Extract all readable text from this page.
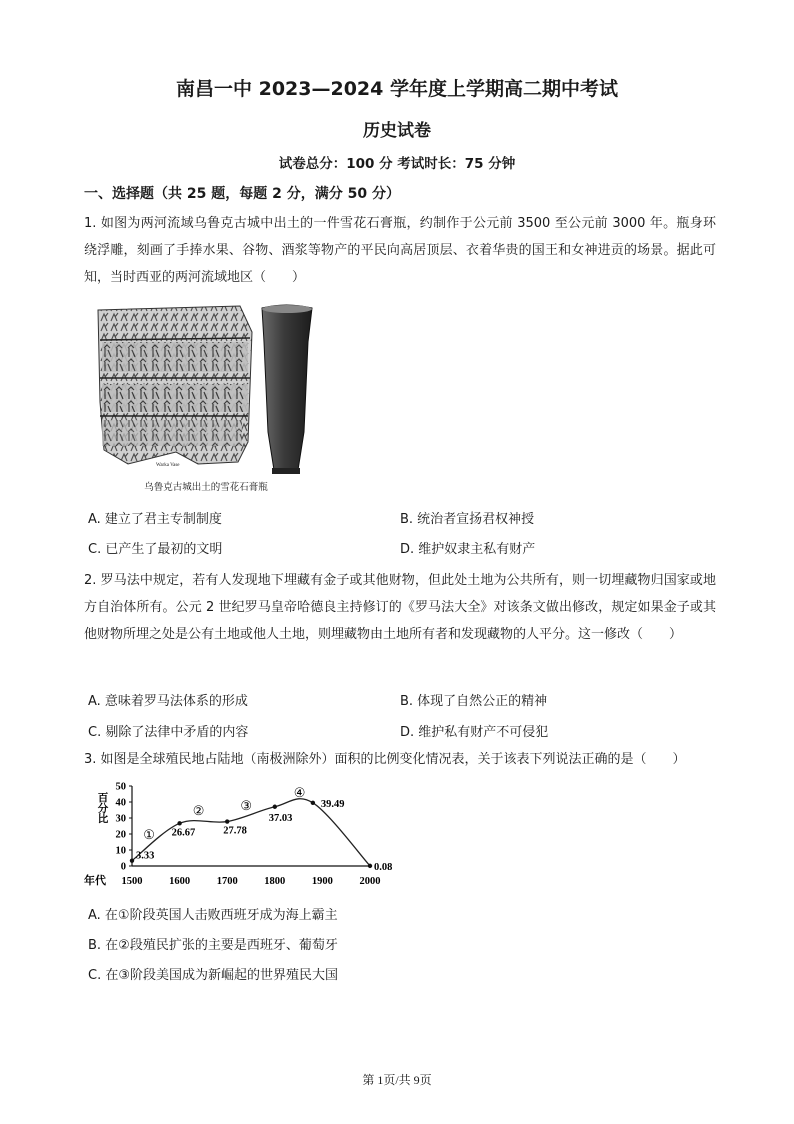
南昌一中 2023—2024 学年度上学期高二期中考试
历史试卷
试卷总分：100 分 考试时长：75 分钟
一、选择题（共 25 题，每题 2 分，满分 50 分）
1. 如图为两河流域乌鲁克古城中出土的一件雪花石膏瓶，约制作于公元前 3500 至公元前 3000 年。瓶身环绕浮雕，刻画了手捧水果、谷物、酒浆等物产的平民向高居顶层、衣着华贵的国王和女神进贡的场景。据此可知，当时西亚的两河流域地区（　　）
Warka Vase
乌鲁克古城出土的雪花石膏瓶
A. 建立了君主专制制度	B. 统治者宣扬君权神授
C. 已产生了最初的文明	D. 维护奴隶主私有财产
2. 罗马法中规定，若有人发现地下埋藏有金子或其他财物，但此处土地为公共所有，则一切埋藏物归国家或地方自治体所有。公元 2 世纪罗马皇帝哈德良主持修订的《罗马法大全》对该条文做出修改，规定如果金子或其他财物所埋之处是公有土地或他人土地，则埋藏物由土地所有者和发现藏物的人平分。这一修改（　　）
A. 意味着罗马法体系的形成	B. 体现了自然公正的精神
C. 剔除了法律中矛盾的内容	D. 维护私有财产不可侵犯
3. 如图是全球殖民地占陆地（南极洲除外）面积的比例变化情况表，关于该表下列说法正确的是（　　）
百分比
年代
0
10
20
30
40
50
1500	1600	1700	1800	1900	2000
3.33
26.67	27.78
37.03
39.49
0.08
①
②	③
④
A. 在①阶段英国人击败西班牙成为海上霸主
B. 在②段殖民扩张的主要是西班牙、葡萄牙
C. 在③阶段美国成为新崛起的世界殖民大国
第 1页/共 9页
